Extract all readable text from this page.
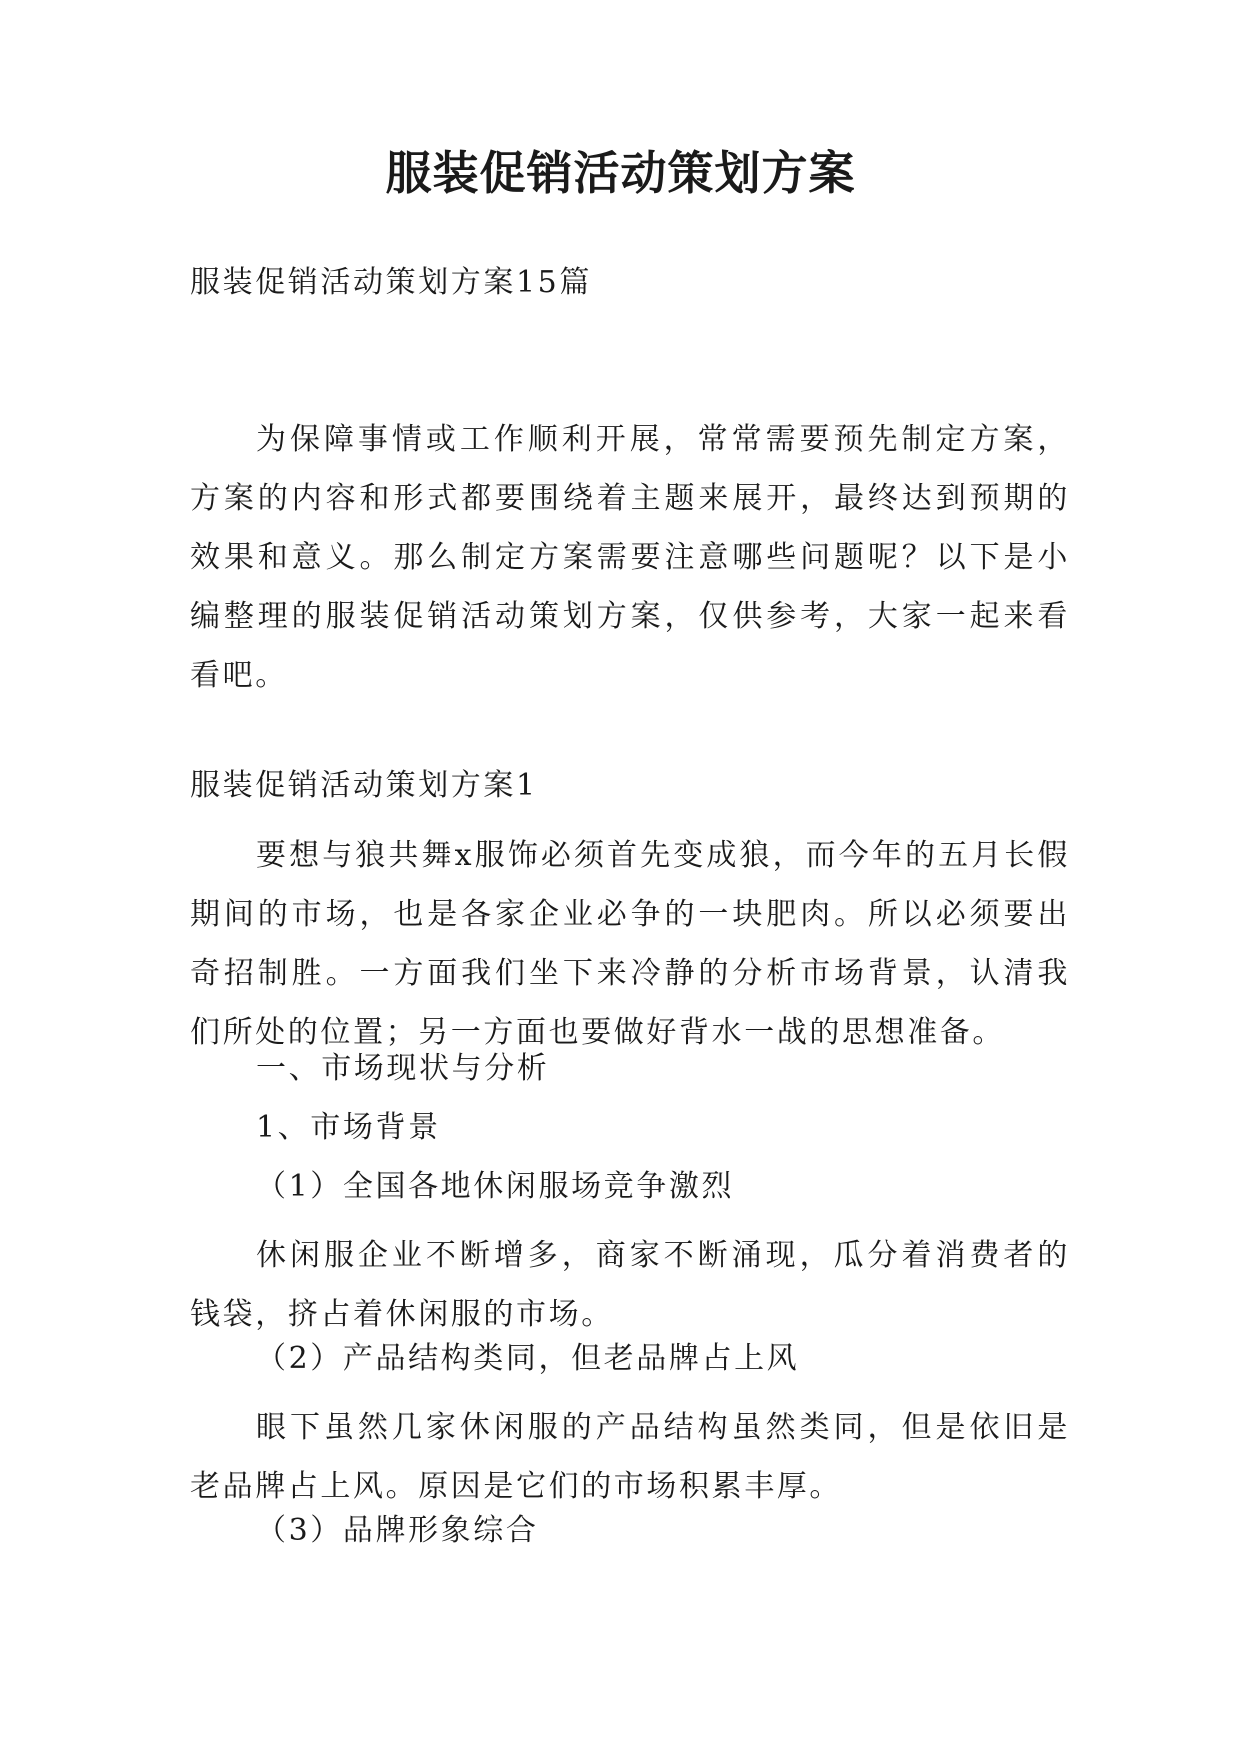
服装促销活动策划方案

服装促销活动策划方案15篇

为保障事情或工作顺利开展，常常需要预先制定方案，方案的内容和形式都要围绕着主题来展开，最终达到预期的效果和意义。那么制定方案需要注意哪些问题呢？以下是小编整理的服装促销活动策划方案，仅供参考，大家一起来看看吧。

服装促销活动策划方案1

要想与狼共舞x服饰必须首先变成狼，而今年的五月长假期间的市场，也是各家企业必争的一块肥肉。所以必须要出奇招制胜。一方面我们坐下来冷静的分析市场背景，认清我们所处的位置；另一方面也要做好背水一战的思想准备。

一、市场现状与分析

1、市场背景

（1）全国各地休闲服场竞争激烈

休闲服企业不断增多，商家不断涌现，瓜分着消费者的钱袋，挤占着休闲服的市场。

（2）产品结构类同，但老品牌占上风

眼下虽然几家休闲服的产品结构虽然类同，但是依旧是老品牌占上风。原因是它们的市场积累丰厚。

（3）品牌形象综合
